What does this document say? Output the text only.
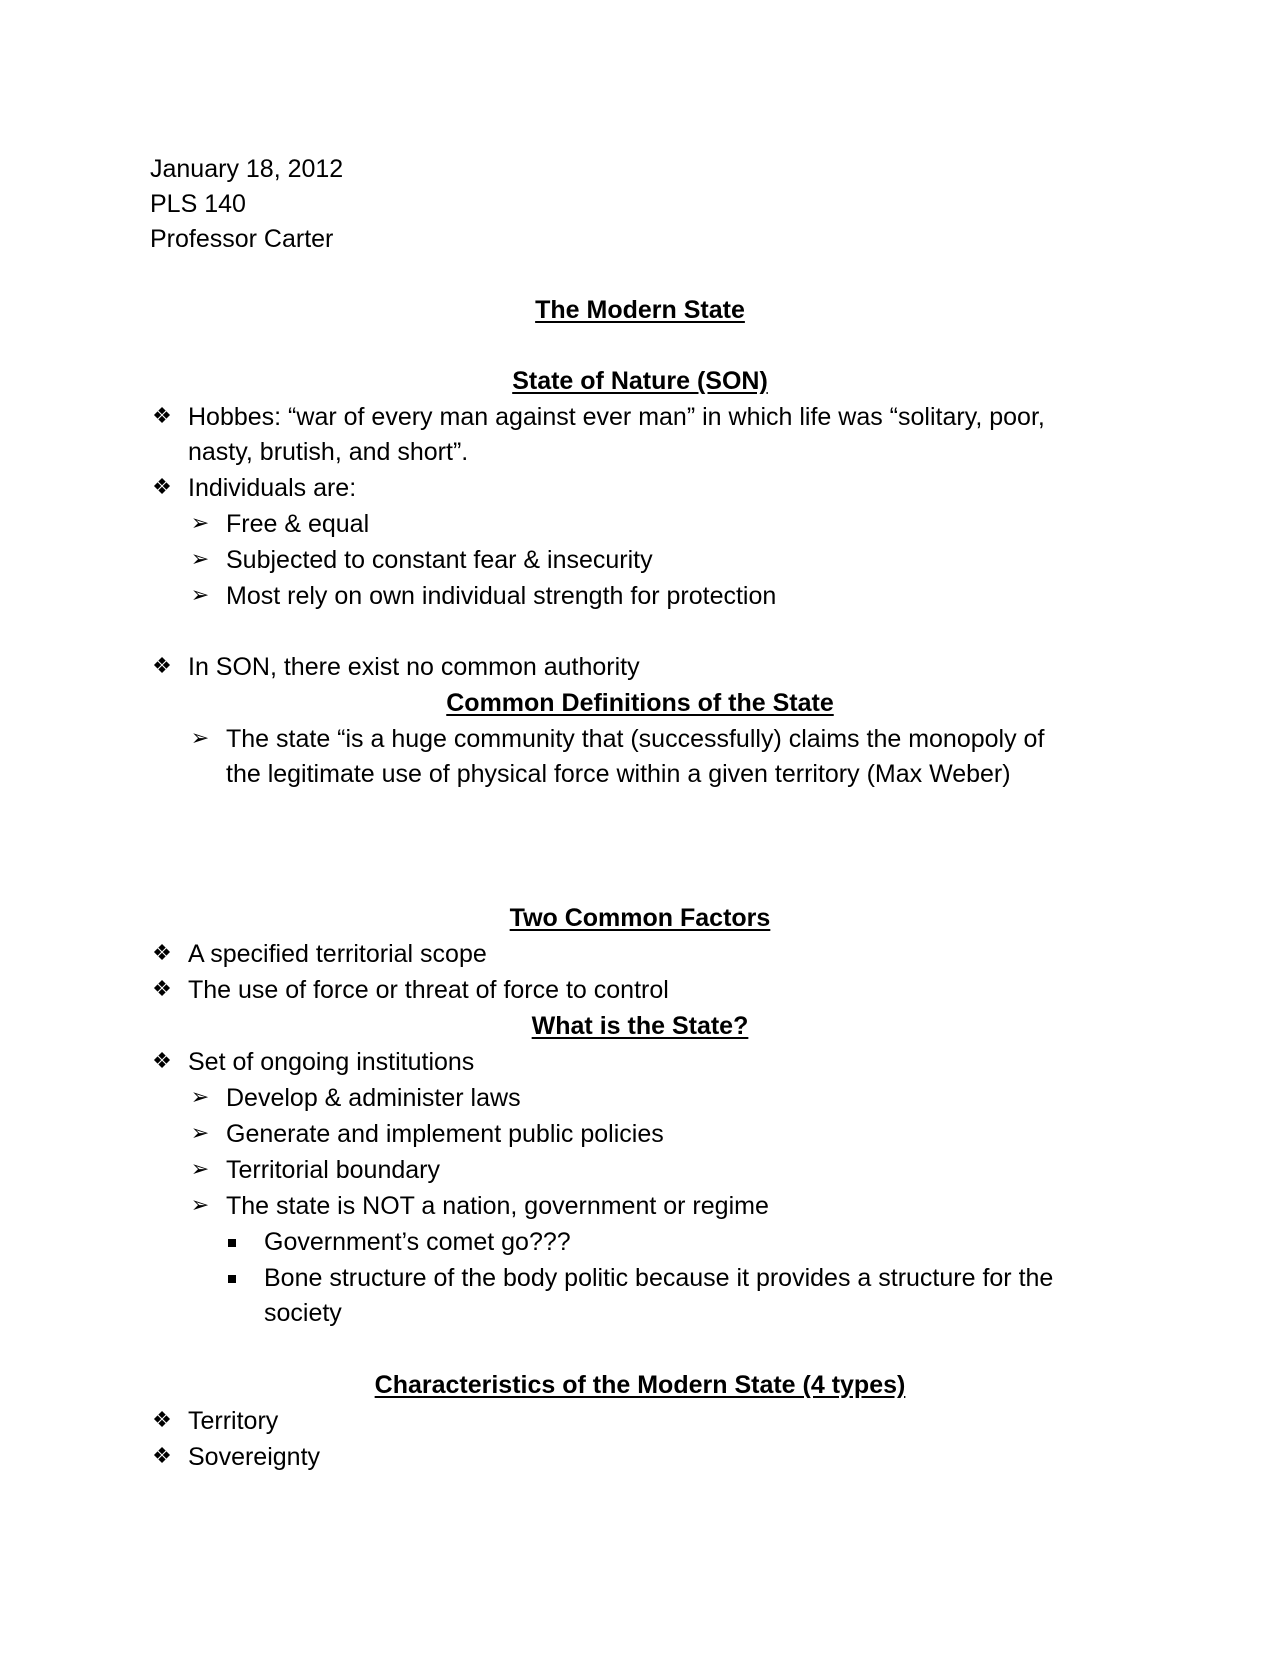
January 18, 2012
PLS 140
Professor Carter
The Modern State
State of Nature (SON)
❖ Hobbes: “war of every man against ever man” in which life was “solitary, poor,
nasty, brutish, and short”.
❖ Individuals are:
➢ Free & equal
➢ Subjected to constant fear & insecurity
➢ Most rely on own individual strength for protection
❖ In SON, there exist no common authority
Common Definitions of the State
➢ The state “is a huge community that (successfully) claims the monopoly of
the legitimate use of physical force within a given territory (Max Weber)
Two Common Factors
❖ A specified territorial scope
❖ The use of force or threat of force to control
What is the State?
❖ Set of ongoing institutions
➢ Develop & administer laws
➢ Generate and implement public policies
➢ Territorial boundary
➢ The state is NOT a nation, government or regime
Government’s comet go???
Bone structure of the body politic because it provides a structure for the
society
Characteristics of the Modern State (4 types)
❖ Territory
❖ Sovereignty
